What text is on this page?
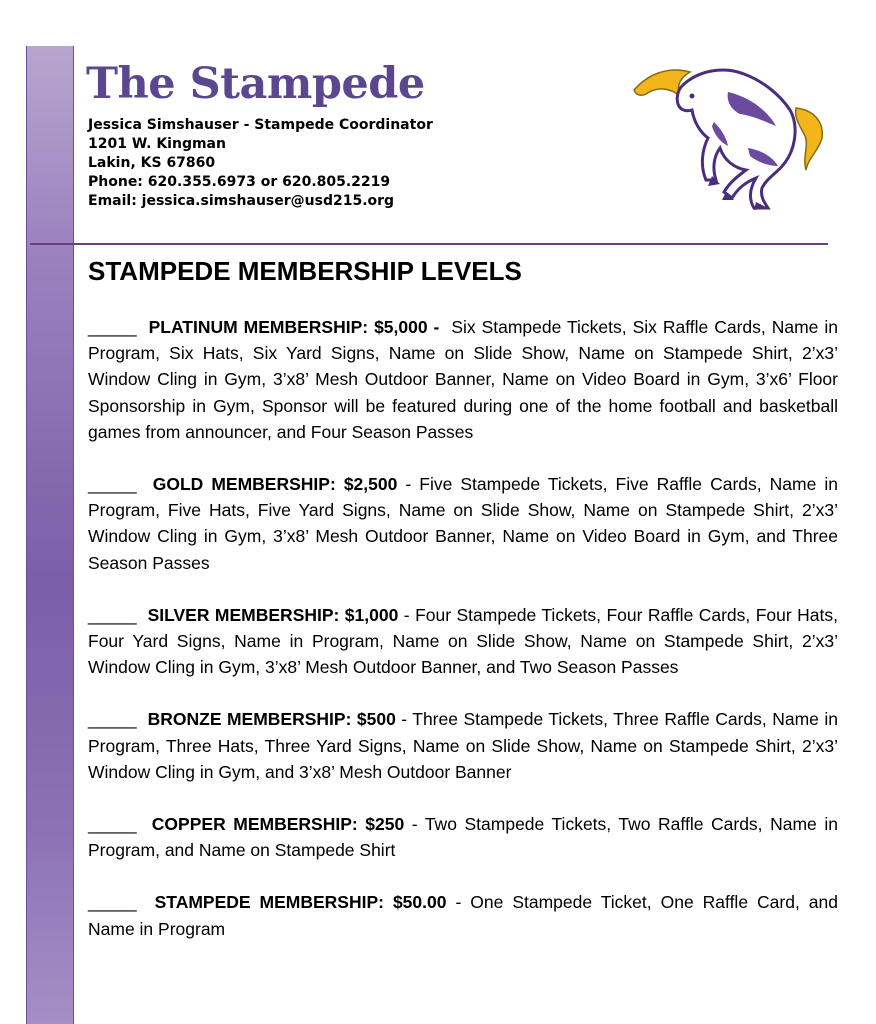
The Stampede
Jessica Simshauser - Stampede Coordinator
1201 W. Kingman
Lakin, KS 67860
Phone: 620.355.6973 or 620.805.2219
Email: jessica.simshauser@usd215.org
STAMPEDE MEMBERSHIP LEVELS

_____ PLATINUM MEMBERSHIP: $5,000 - Six Stampede Tickets, Six Raffle Cards, Name in Program, Six Hats, Six Yard Signs, Name on Slide Show, Name on Stampede Shirt, 2’x3’ Window Cling in Gym, 3’x8’ Mesh Outdoor Banner, Name on Video Board in Gym, 3’x6’ Floor Sponsorship in Gym, Sponsor will be featured during one of the home football and basketball games from announcer, and Four Season Passes

_____ GOLD MEMBERSHIP: $2,500 - Five Stampede Tickets, Five Raffle Cards, Name in Program, Five Hats, Five Yard Signs, Name on Slide Show, Name on Stampede Shirt, 2’x3’ Window Cling in Gym, 3’x8’ Mesh Outdoor Banner, Name on Video Board in Gym, and Three Season Passes

_____ SILVER MEMBERSHIP: $1,000 - Four Stampede Tickets, Four Raffle Cards, Four Hats, Four Yard Signs, Name in Program, Name on Slide Show, Name on Stampede Shirt, 2’x3’ Window Cling in Gym, 3’x8’ Mesh Outdoor Banner, and Two Season Passes

_____ BRONZE MEMBERSHIP: $500 - Three Stampede Tickets, Three Raffle Cards, Name in Program, Three Hats, Three Yard Signs, Name on Slide Show, Name on Stampede Shirt, 2’x3’ Window Cling in Gym, and 3’x8’ Mesh Outdoor Banner

_____ COPPER MEMBERSHIP: $250 - Two Stampede Tickets, Two Raffle Cards, Name in Program, and Name on Stampede Shirt

_____ STAMPEDE MEMBERSHIP: $50.00 - One Stampede Ticket, One Raffle Card, and Name in Program
